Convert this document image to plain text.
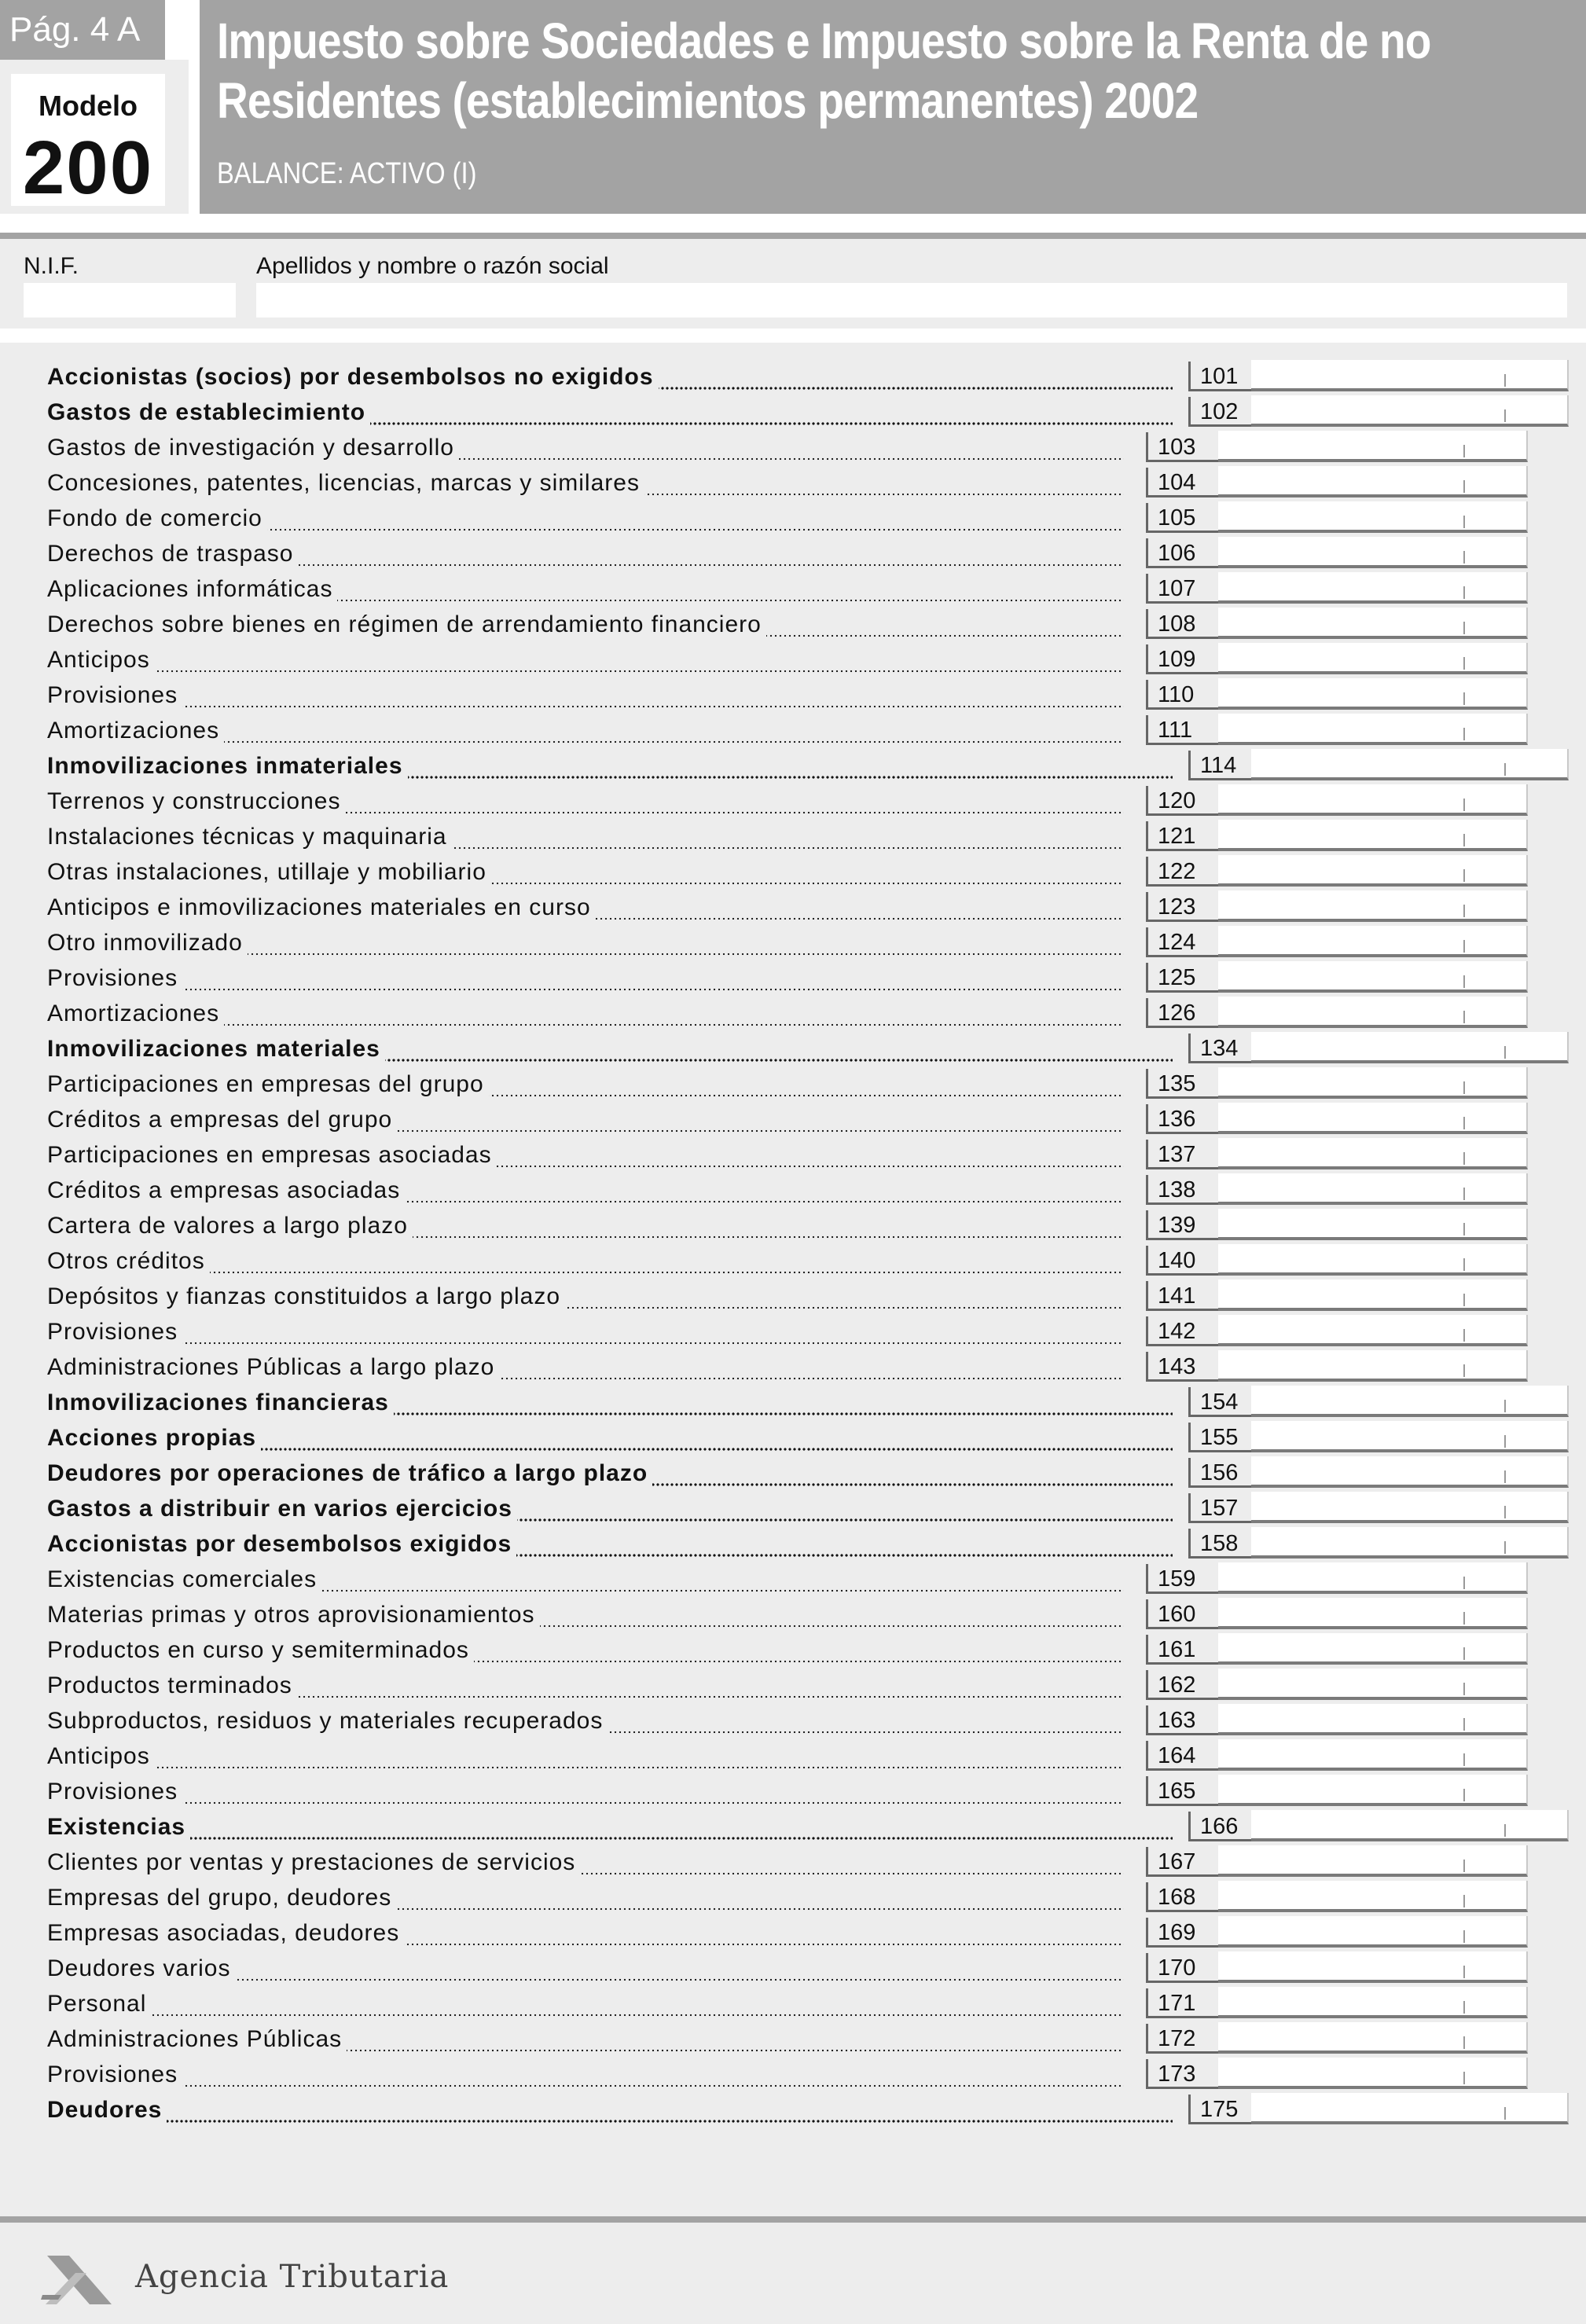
Pág. 4 A
Modelo
200
Impuesto sobre Sociedades e Impuesto sobre la Renta de no
Residentes (establecimientos permanentes) 2002
BALANCE: ACTIVO (I)
N.I.F.	Apellidos y nombre o razón social
Accionistas (socios) por desembolsos no exigidos	101
Gastos de establecimiento	102
Gastos de investigación y desarrollo	103
Concesiones, patentes, licencias, marcas y similares	104
Fondo de comercio	105
Derechos de traspaso	106
Aplicaciones informáticas	107
Derechos sobre bienes en régimen de arrendamiento financiero	108
Anticipos	109
Provisiones	110
Amortizaciones	111
Inmovilizaciones inmateriales	114
Terrenos y construcciones	120
Instalaciones técnicas y maquinaria	121
Otras instalaciones, utillaje y mobiliario	122
Anticipos e inmovilizaciones materiales en curso	123
Otro inmovilizado	124
Provisiones	125
Amortizaciones	126
Inmovilizaciones materiales	134
Participaciones en empresas del grupo	135
Créditos a empresas del grupo	136
Participaciones en empresas asociadas	137
Créditos a empresas asociadas	138
Cartera de valores a largo plazo	139
Otros créditos	140
Depósitos y fianzas constituidos a largo plazo	141
Provisiones	142
Administraciones Públicas a largo plazo	143
Inmovilizaciones financieras	154
Acciones propias	155
Deudores por operaciones de tráfico a largo plazo	156
Gastos a distribuir en varios ejercicios	157
Accionistas por desembolsos exigidos	158
Existencias comerciales	159
Materias primas y otros aprovisionamientos	160
Productos en curso y semiterminados	161
Productos terminados	162
Subproductos, residuos y materiales recuperados	163
Anticipos	164
Provisiones	165
Existencias	166
Clientes por ventas y prestaciones de servicios	167
Empresas del grupo, deudores	168
Empresas asociadas, deudores	169
Deudores varios	170
Personal	171
Administraciones Públicas	172
Provisiones	173
Deudores	175
Agencia Tributaria
